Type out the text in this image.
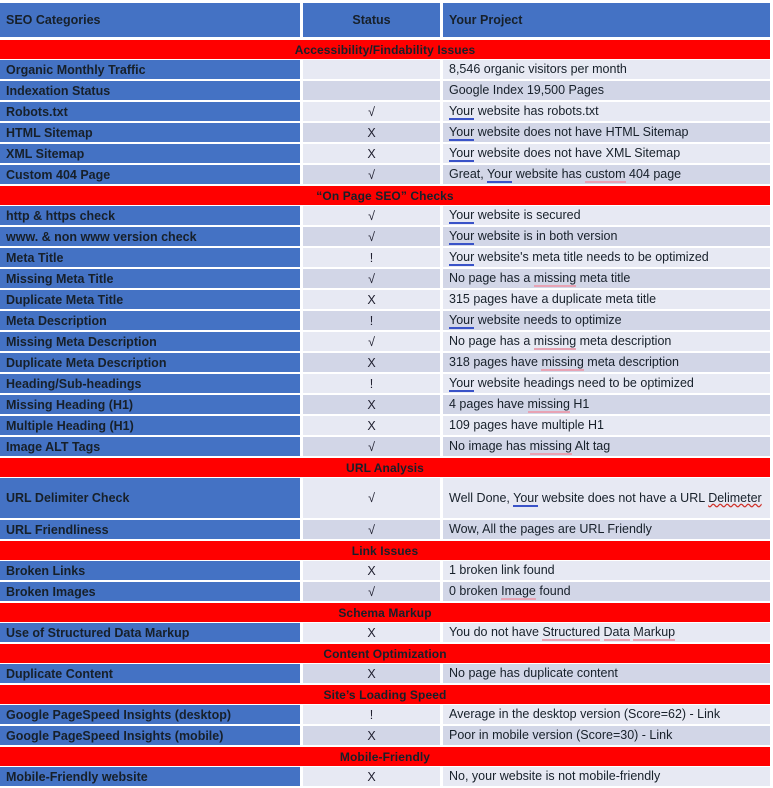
SEO Categories	Status	Your Project
Accessibility/Findability Issues		
Organic Monthly Traffic		8,546 organic visitors per month
Indexation Status		Google Index 19,500 Pages
Robots.txt	√	Your website has robots.txt
HTML Sitemap	X	Your website does not have HTML Sitemap
XML Sitemap	X	Your website does not have XML Sitemap
Custom 404 Page	√	Great, Your website has custom 404 page
“On Page SEO” Checks		
http & https check	√	Your website is secured
www. & non www version check	√	Your website is in both version
Meta Title	!	Your website's meta title needs to be optimized
Missing Meta Title	√	No page has a missing meta title
Duplicate Meta Title	X	315 pages have a duplicate meta title
Meta Description	!	Your website needs to optimize
Missing Meta Description	√	No page has a missing meta description
Duplicate Meta Description	X	318 pages have missing meta description
Heading/Sub-headings	!	Your website headings need to be optimized
Missing Heading (H1)	X	4 pages have missing H1
Multiple Heading (H1)	X	109 pages have multiple H1
Image ALT Tags	√	No image has missing Alt tag
URL Analysis		
URL Delimiter Check	√	Well Done, Your website does not have a URL Delimeter
URL Friendliness	√	Wow, All the pages are URL Friendly
Link Issues		
Broken Links	X	1 broken link found
Broken Images	√	0 broken Image found
Schema Markup		
Use of Structured Data Markup	X	You do not have Structured Data Markup
Content Optimization		
Duplicate Content	X	No page has duplicate content
Site’s Loading Speed		
Google PageSpeed Insights (desktop)	!	Average in the desktop version (Score=62) - Link
Google PageSpeed Insights (mobile)	X	Poor in mobile version (Score=30) - Link
Mobile-Friendly		
Mobile-Friendly website	X	No, your website is not mobile-friendly
